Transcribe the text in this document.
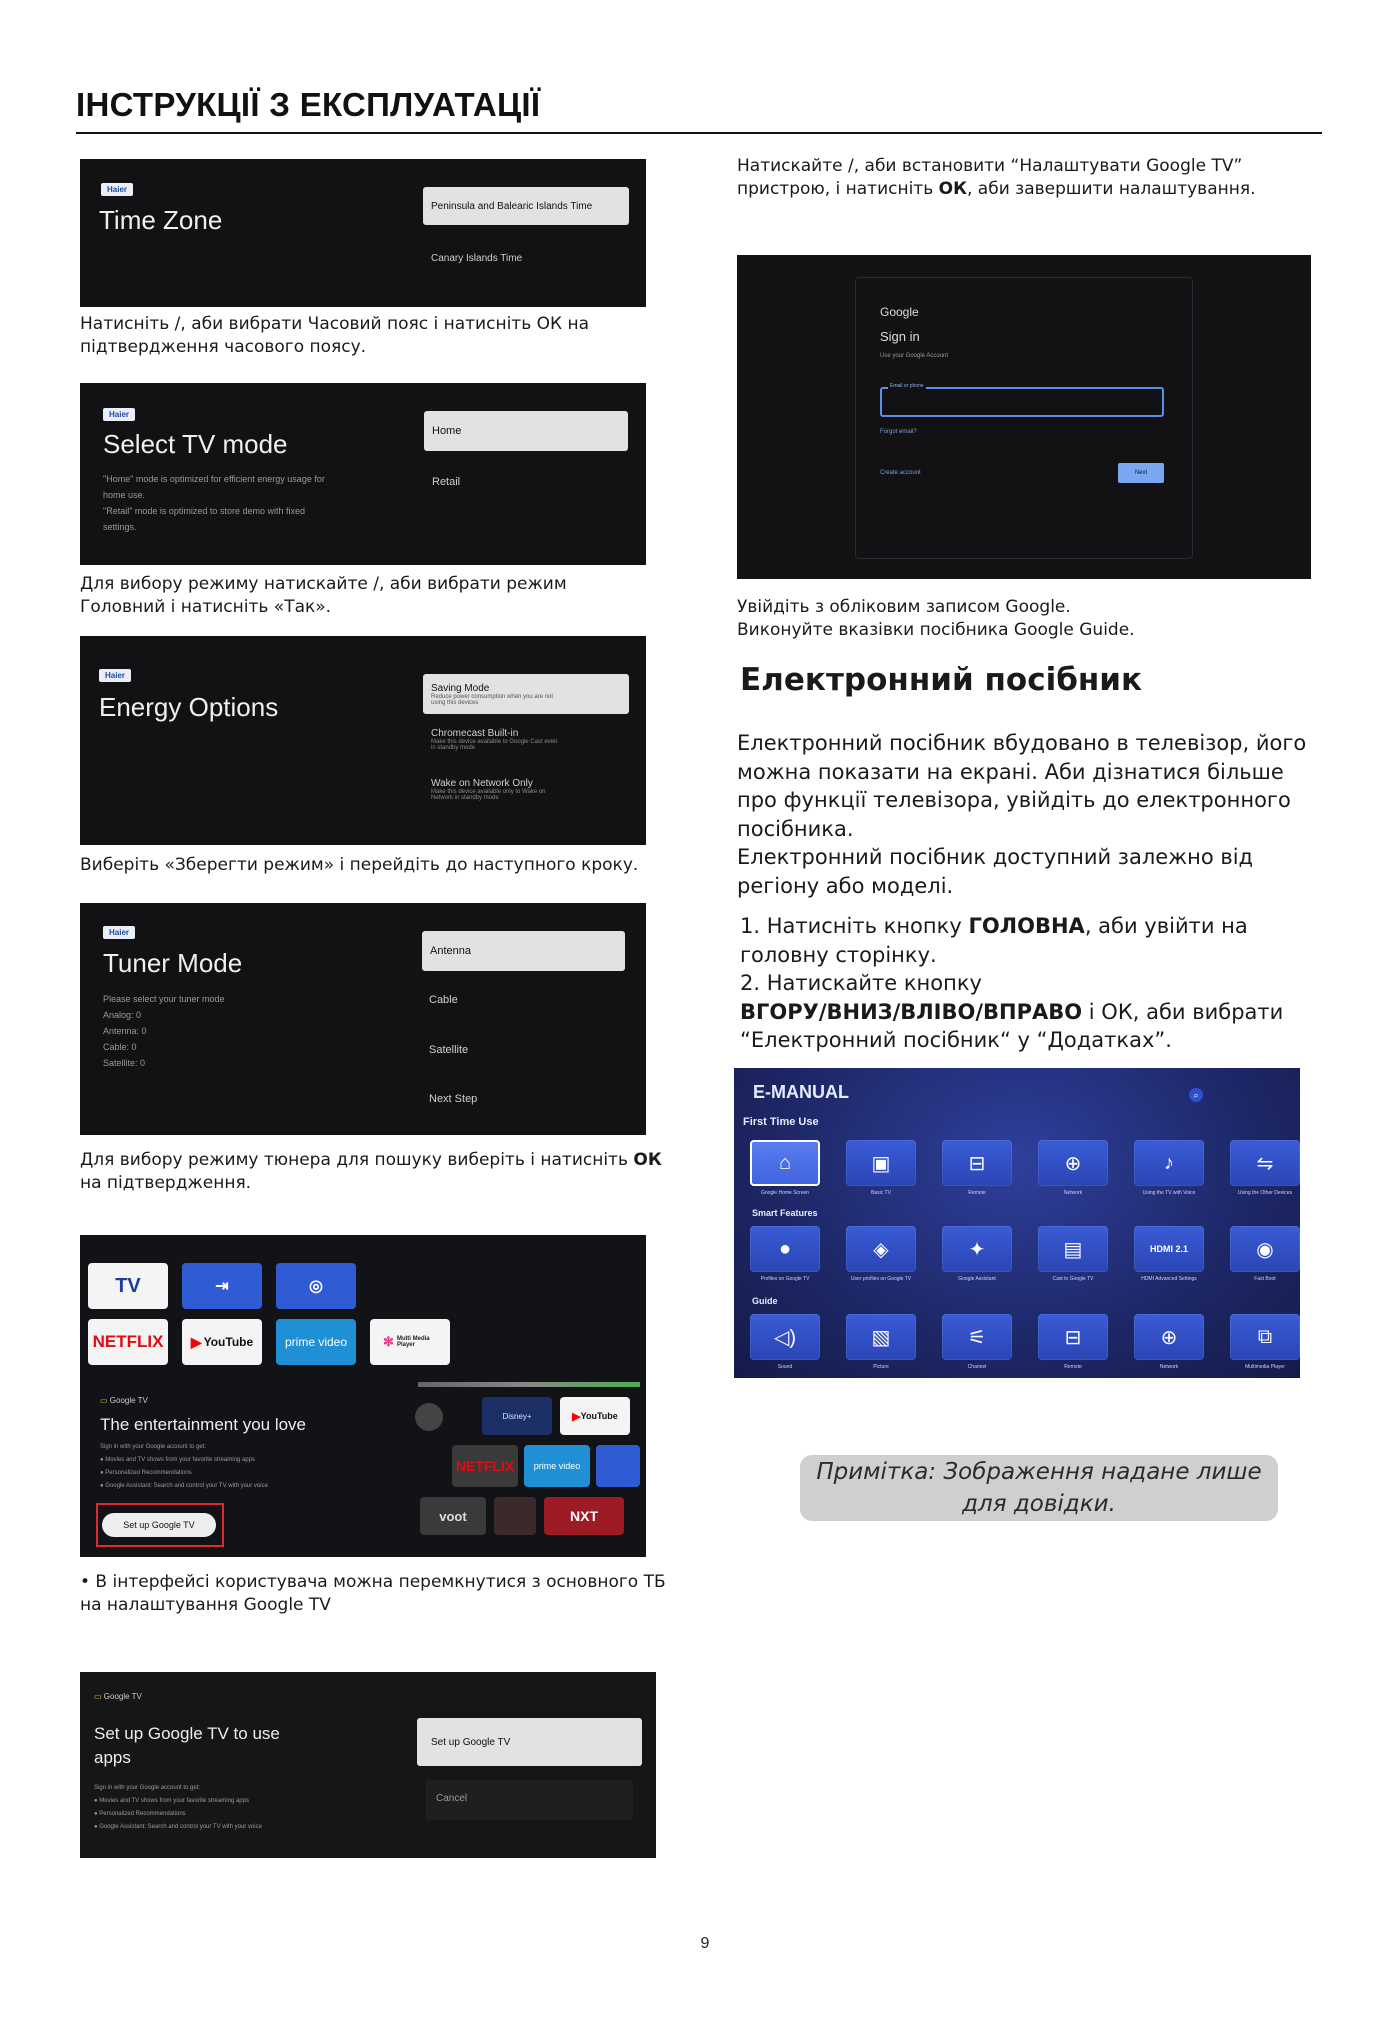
ІНСТРУКЦІЇ З ЕКСПЛУАТАЦІЇ
Haier
Time Zone	Peninsula and Balearic Islands Time
Canary Islands Time
Натисніть /, аби вибрати Часовий пояс і натисніть ОК на
підтвердження часового поясу.
Haier
Select TV mode
"Home" mode is optimized for efficient energy usage for
home use.
"Retail" mode is optimized to store demo with fixed
settings.
Home
Retail
Для вибору режиму натискайте /, аби вибрати режим
Головний і натисніть «Так».
Haier
Energy Options
Saving Mode
Reduce power consumption when you are not
using this devices
Chromecast Built-in
Make this device available to Google Cast even
in standby mode
Wake on Network Only
Make this device available only to Wake on
Network in standby mode
Виберіть «Зберегти режим» і перейдіть до наступного кроку.
Haier
Tuner Mode
Please select your tuner mode
Analog: 0
Antenna: 0
Cable: 0
Satellite: 0
Antenna
Cable
Satellite
Next Step
Для вибору режиму тюнера для пошуку виберіть і натисніть ОК
на підтвердження.
TV	⇥	◎
NETFLIX ▶ YouTube	prime video	✻ Multi Media Player
▭ Google TV
The entertainment you love
Sign in with your Google account to get:
● Movies and TV shows from your favorite streaming apps
● Personalized Recommendations
● Google Assistant: Search and control your TV with your voice
Set up Google TV
▶ YouTube
Disney+
NETFLIX prime video
voot	NXT
• В інтерфейсі користувача можна перемкнутися з основного ТБ
на налаштування Google TV
▭ Google TV
Set up Google TV to use
apps
Sign in with your Google account to get:
● Movies and TV shows from your favorite streaming apps
● Personalized Recommendations
● Google Assistant: Search and control your TV with your voice
Set up Google TV
Cancel
Натискайте /, аби встановити “Налаштувати Google TV”
пристрою, і натисніть ОК, аби завершити налаштування.
Google
Sign in
Use your Google Account
Email or phone
Forgot email?
Create account	Next
Увійдіть з обліковим записом Google.
Виконуйте вказівки посібника Google Guide.
Електронний посібник

Електронний посібник вбудовано в телевізор, його

можна показати на екрані. Аби дізнатися більше

про функції телевізора, увійдіть до електронного

посібника.

Електронний посібник доступний залежно від

регіону або моделі.

1. Натисніть кнопку ГОЛОВНА, аби увійти на

головну сторінку.

2. Натискайте кнопку

ВГОРУ/ВНИЗ/ВЛІВО/ВПРАВО і ОК, аби вибрати

“Електронний посібник“ у “Додатках”.

E-MANUAL	⌕
First Time Use
Smart Features
Guide
⌂
Google Home Screen
▣
Basic TV
⊟
Remote
⊕
Network
♪
Using the TV with Voice
⇋
Using the Other Devices
●
Profiles on Google TV
◈
User profiles on Google TV
✦
Google Assistant
▤
Cast to Google TV
HDMI 2.1
HDMI Advanced Settings
◉
Fast Boot
◁)
Sound
▧
Picture
⚟
Channel
⊟
Remote
⊕
Network
⧉
Multimedia Player
Примітка: Зображення надане лише
для довідки.
9
